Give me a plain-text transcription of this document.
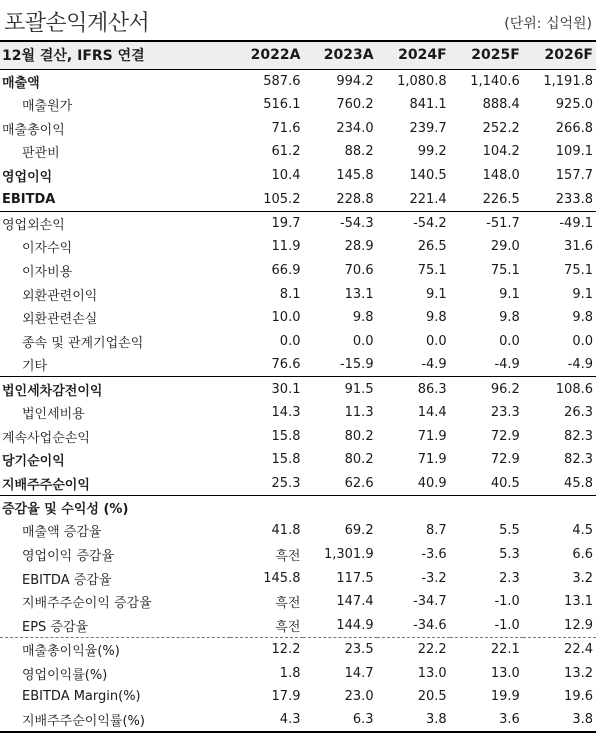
포괄손익계산서	(단위: 십억원)
12월 결산, IFRS 연결	2022A	2023A	2024F	2025F	2026F
매출액	587.6	994.2	1,080.8	1,140.6	1,191.8
매출원가	516.1	760.2	841.1	888.4	925.0
매출총이익	71.6	234.0	239.7	252.2	266.8
판관비	61.2	88.2	99.2	104.2	109.1
영업이익	10.4	145.8	140.5	148.0	157.7
EBITDA	105.2	228.8	221.4	226.5	233.8
영업외손익	19.7	-54.3	-54.2	-51.7	-49.1
이자수익	11.9	28.9	26.5	29.0	31.6
이자비용	66.9	70.6	75.1	75.1	75.1
외환관련이익	8.1	13.1	9.1	9.1	9.1
외환관련손실	10.0	9.8	9.8	9.8	9.8
종속 및 관계기업손익	0.0	0.0	0.0	0.0	0.0
기타	76.6	-15.9	-4.9	-4.9	-4.9
법인세차감전이익	30.1	91.5	86.3	96.2	108.6
법인세비용	14.3	11.3	14.4	23.3	26.3
계속사업순손익	15.8	80.2	71.9	72.9	82.3
당기순이익	15.8	80.2	71.9	72.9	82.3
지배주주순이익	25.3	62.6	40.9	40.5	45.8
증감율 및 수익성 (%)					
매출액 증감율	41.8	69.2	8.7	5.5	4.5
영업이익 증감율	흑전	1,301.9	-3.6	5.3	6.6
EBITDA 증감율	145.8	117.5	-3.2	2.3	3.2
지배주주순이익 증감율	흑전	147.4	-34.7	-1.0	13.1
EPS 증감율	흑전	144.9	-34.6	-1.0	12.9
매출총이익율(%)	12.2	23.5	22.2	22.1	22.4
영업이익률(%)	1.8	14.7	13.0	13.0	13.2
EBITDA Margin(%)	17.9	23.0	20.5	19.9	19.6
지배주주순이익률(%)	4.3	6.3	3.8	3.6	3.8
